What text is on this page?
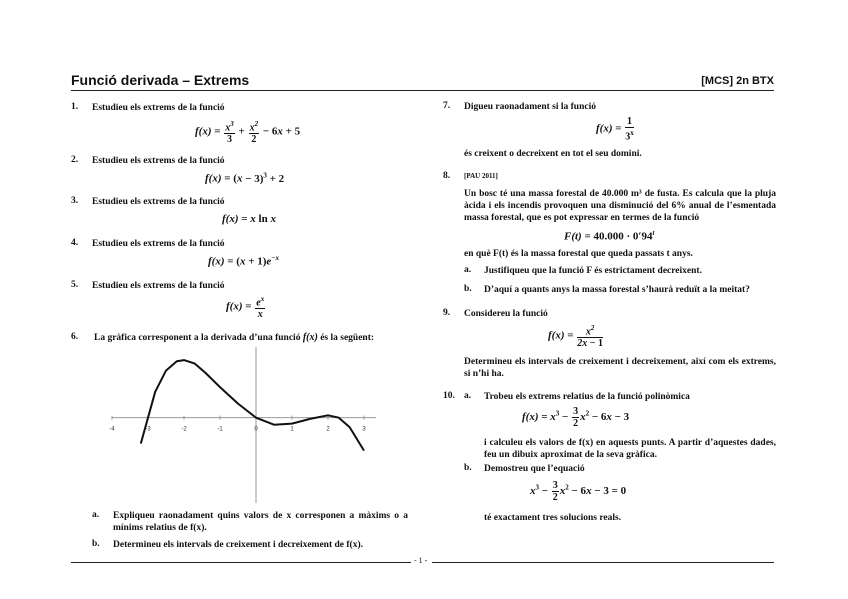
Funció derivada – Extrems	[MCS] 2n BTX
1. Estudieu els extrems de la funció
$f(x) = \frac{x^3}{3} + \frac{x^2}{2} - 6x + 5$
2. Estudieu els extrems de la funció
$f(x) = (x - 3)^3 + 2$
3. Estudieu els extrems de la funció
f(x) = x ln x
4. Estudieu els extrems de la funció
$f(x) = (x + 1)e^{-x}$
5. Estudieu els extrems de la funció
$f(x) = \frac{e^x}{x}$
6. La gràfica corresponent a la derivada d’una funció f(x) és la següent:
-4	-3	-2	-1	0	1	2	3
a. Expliqueu raonadament quins valors de x corresponen a màxims o a mínims relatius de f(x).
b. Determineu els intervals de creixement i decreixement de f(x).
7. Digueu raonadament si la funció
$f(x) = \frac{1}{3^x}$
és creixent o decreixent en tot el seu domini.
8. [PAU 2011]
Un bosc té una massa forestal de 40.000 m³ de fusta. Es calcula que la pluja àcida i els incendis provoquen una disminució del 6% anual de l’esmentada massa forestal, que es pot expressar en termes de la funció
$F(t) = 40.000 \cdot 0'94^t$
en què F(t) és la massa forestal que queda passats t anys.
a. Justifiqueu que la funció F és estrictament decreixent.
b. D’aquí a quants anys la massa forestal s’haurà reduït a la meitat?
9. Considereu la funció
$f(x) = \frac{x^2}{2x - 1}$
Determineu els intervals de creixement i decreixement, així com els extrems, si n’hi ha.
10. a. Trobeu els extrems relatius de la funció polinòmica
$f(x) = x^3 - \frac{3}{2} x^2 - 6x - 3$
i calculeu els valors de f(x) en aquests punts. A partir d’aquestes dades, feu un dibuix aproximat de la seva gràfica.
b. Demostreu que l’equació
$x^3 - \frac{3}{2} x^2 - 6x - 3 = 0$
té exactament tres solucions reals.
- 1 -
